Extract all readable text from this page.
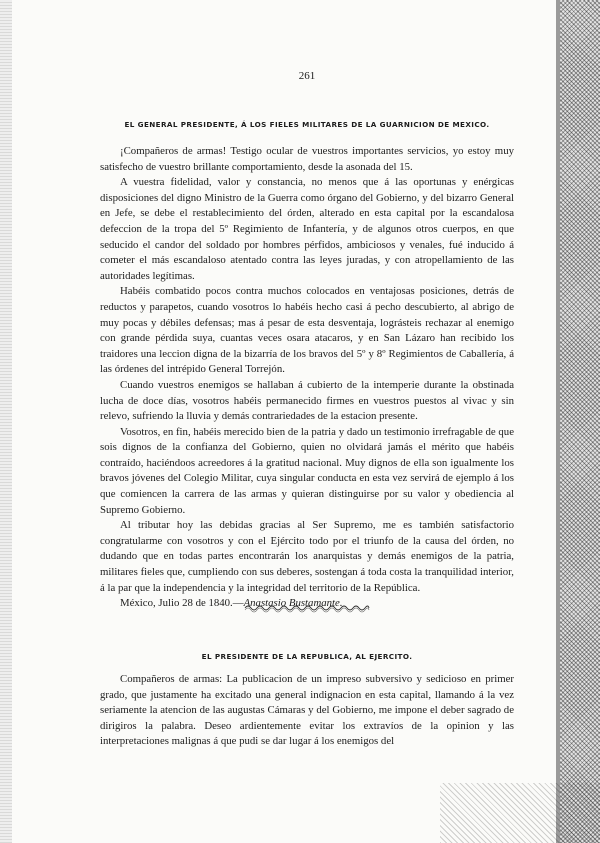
261
EL GENERAL PRESIDENTE, Á LOS FIELES MILITARES DE LA GUARNICION DE MEXICO.

¡Compañeros de armas! Testigo ocular de vuestros importantes servicios, yo estoy muy satisfecho de vuestro brillante comportamiento, desde la asonada del 15.

A vuestra fidelidad, valor y constancia, no menos que á las oportunas y enérgicas disposiciones del digno Ministro de la Guerra como órgano del Gobierno, y del bizarro General en Jefe, se debe el restablecimiento del órden, alterado en esta capital por la escandalosa defeccion de la tropa del 5º Regimiento de Infantería, y de algunos otros cuerpos, en que seducido el candor del soldado por hombres pérfidos, ambiciosos y venales, fué inducido á cometer el más escandaloso atentado contra las leyes juradas, y con atropellamiento de las autoridades legítimas.

Habéis combatido pocos contra muchos colocados en ventajosas posiciones, detrás de reductos y parapetos, cuando vosotros lo habéis hecho casi á pecho descubierto, al abrigo de muy pocas y débiles defensas; mas á pesar de esta desventaja, lográsteis rechazar al enemigo con grande pérdida suya, cuantas veces osara atacaros, y en San Lázaro han recibido los traidores una leccion digna de la bizarría de los bravos del 5º y 8º Regimientos de Caballería, á las órdenes del intrépido General Torrejón.

Cuando vuestros enemigos se hallaban á cubierto de la intemperie durante la obstinada lucha de doce días, vosotros habéis permanecido firmes en vuestros puestos al vivac y sin relevo, sufriendo la lluvia y demás contrariedades de la estacion presente.

Vosotros, en fin, habéis merecido bien de la patria y dado un testimonio irrefragable de que sois dignos de la confianza del Gobierno, quien no olvidará jamás el mérito que habéis contraído, haciéndoos acreedores á la gratitud nacional. Muy dignos de ella son igualmente los bravos jóvenes del Colegio Militar, cuya singular conducta en esta vez servirá de ejemplo á los que comiencen la carrera de las armas y quieran distinguirse por su valor y obediencia al Supremo Gobierno.

Al tributar hoy las debidas gracias al Ser Supremo, me es también satisfactorio congratularme con vosotros y con el Ejército todo por el triunfo de la causa del órden, no dudando que en todas partes encontrarán los anarquistas y demás enemigos de la patria, militares fieles que, cumpliendo con sus deberes, sostengan á toda costa la tranquilidad interior, á la par que la independencia y la integridad del territorio de la República.

México, Julio 28 de 1840.—Anastasio Bustamante.

EL PRESIDENTE DE LA REPUBLICA, AL EJERCITO.

Compañeros de armas: La publicacion de un impreso subversivo y sedicioso en primer grado, que justamente ha excitado una general indignacion en esta capital, llamando á la vez seriamente la atencion de las augustas Cámaras y del Gobierno, me impone el deber sagrado de dirigiros la palabra. Deseo ardientemente evitar los extravíos de la opinion y las interpretaciones malignas á que pudi se dar lugar á los enemigos del
